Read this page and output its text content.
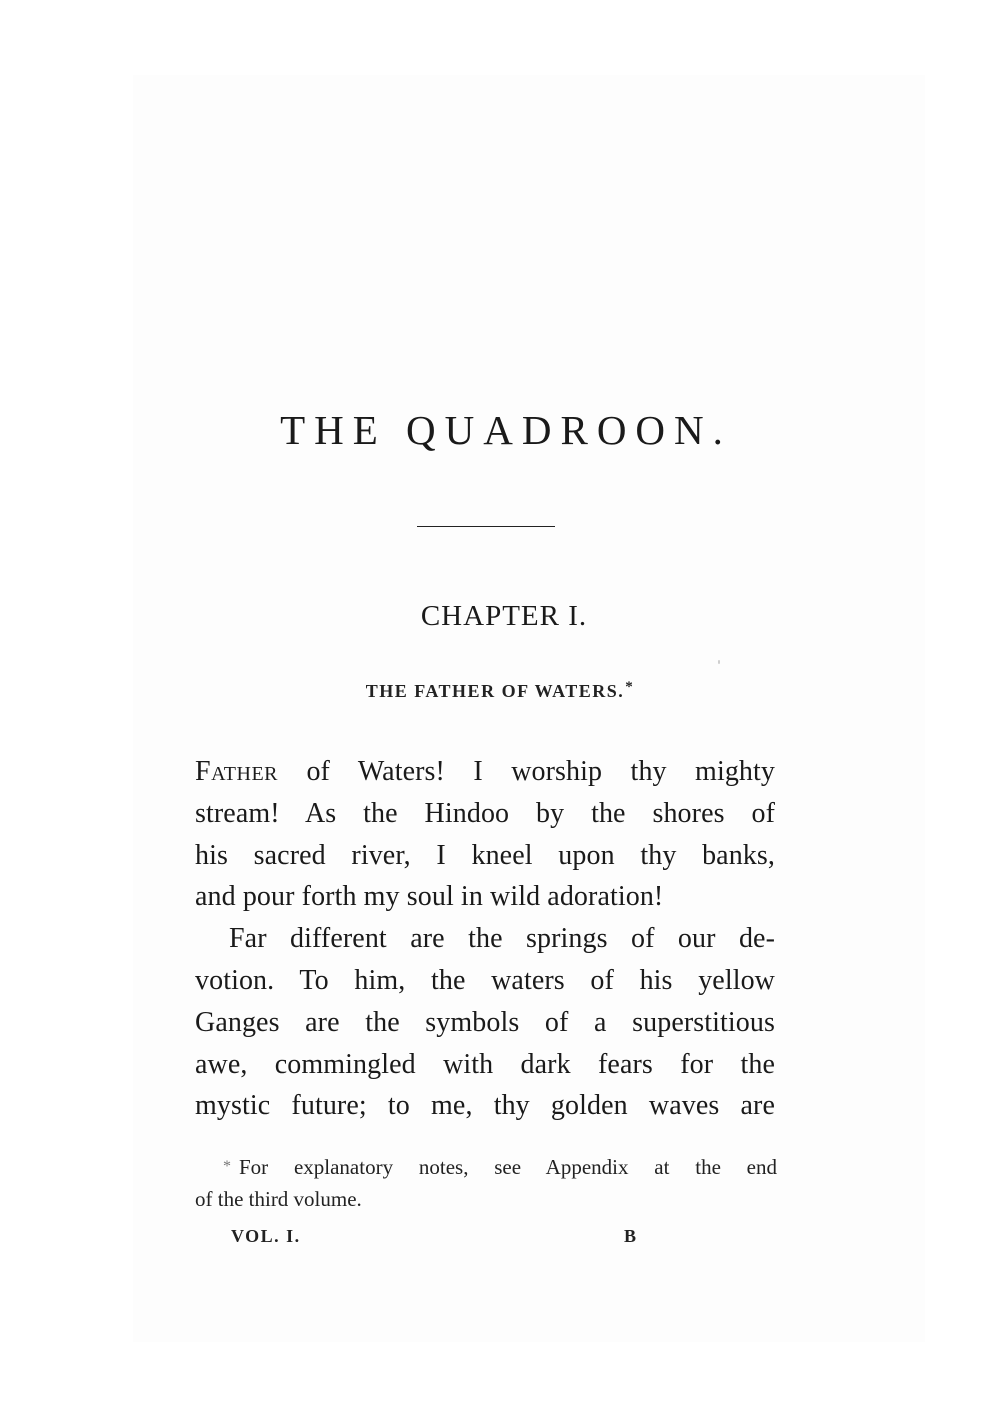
THE QUADROON.
CHAPTER I.
THE FATHER OF WATERS.*

Father of Waters! I worship thy mighty
stream! As the Hindoo by the shores of
his sacred river, I kneel upon thy banks,
and pour forth my soul in wild adoration!

Far different are the springs of our de-
votion. To him, the waters of his yellow
Ganges are the symbols of a superstitious
awe, commingled with dark fears for the
mystic future; to me, thy golden waves are

* For explanatory notes, see Appendix at the end
of the third volume.
VOL. I.	B
